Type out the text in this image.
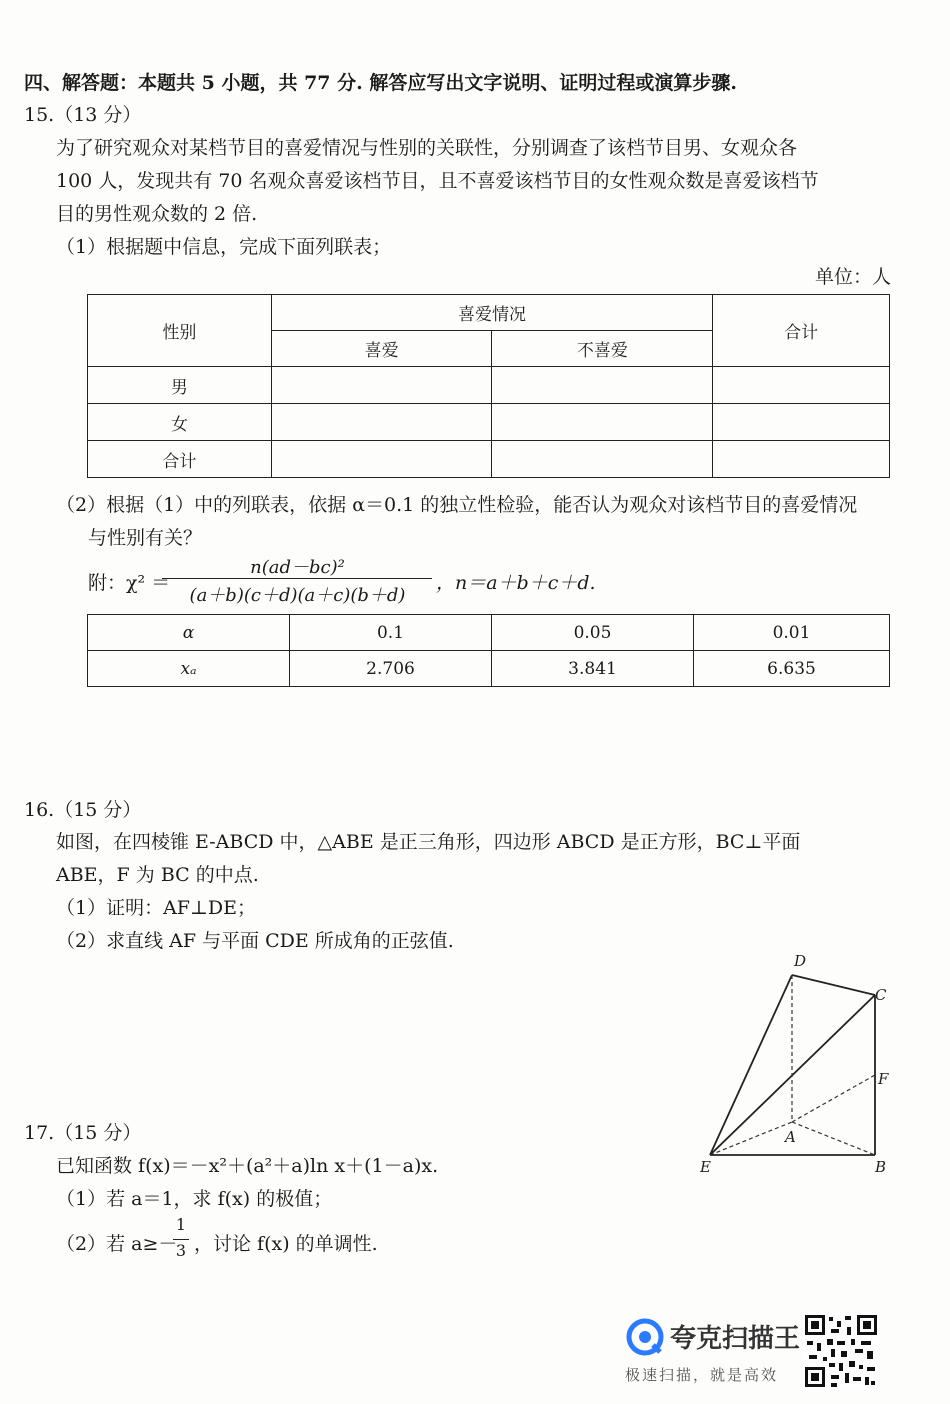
四、解答题：本题共 5 小题，共 77 分. 解答应写出文字说明、证明过程或演算步骤.
15.（13 分）
为了研究观众对某档节目的喜爱情况与性别的关联性，分别调查了该档节目男、女观众各
100 人，发现共有 70 名观众喜爱该档节目，且不喜爱该档节目的女性观众数是喜爱该档节
目的男性观众数的 2 倍.
（1）根据题中信息，完成下面列联表；
单位：人
性别	喜爱情况		合计
	喜爱	不喜爱	
男			
女			
合计			
（2）根据（1）中的列联表，依据 α＝0.1 的独立性检验，能否认为观众对该档节目的喜爱情况
与性别有关？
附：χ² ＝
n(ad－bc)²
(a＋b)(c＋d)(a＋c)(b＋d)
，n＝a＋b＋c＋d.
α	0.1	0.05	0.01
xₐ	2.706	3.841	6.635
16.（15 分）
如图，在四棱锥 E-ABCD 中，△ABE 是正三角形，四边形 ABCD 是正方形，BC⊥平面
ABE，F 为 BC 的中点.
（1）证明：AF⊥DE；
（2）求直线 AF 与平面 CDE 所成角的正弦值.
D
C
F
A
E	B
17.（15 分）
已知函数 f(x)＝－x²＋(a²＋a)ln x＋(1－a)x.
（1）若 a＝1，求 f(x) 的极值；
（2）若 a≥－
1
3 ，讨论 f(x) 的单调性.
夸克扫描王
极速扫描，就是高效
